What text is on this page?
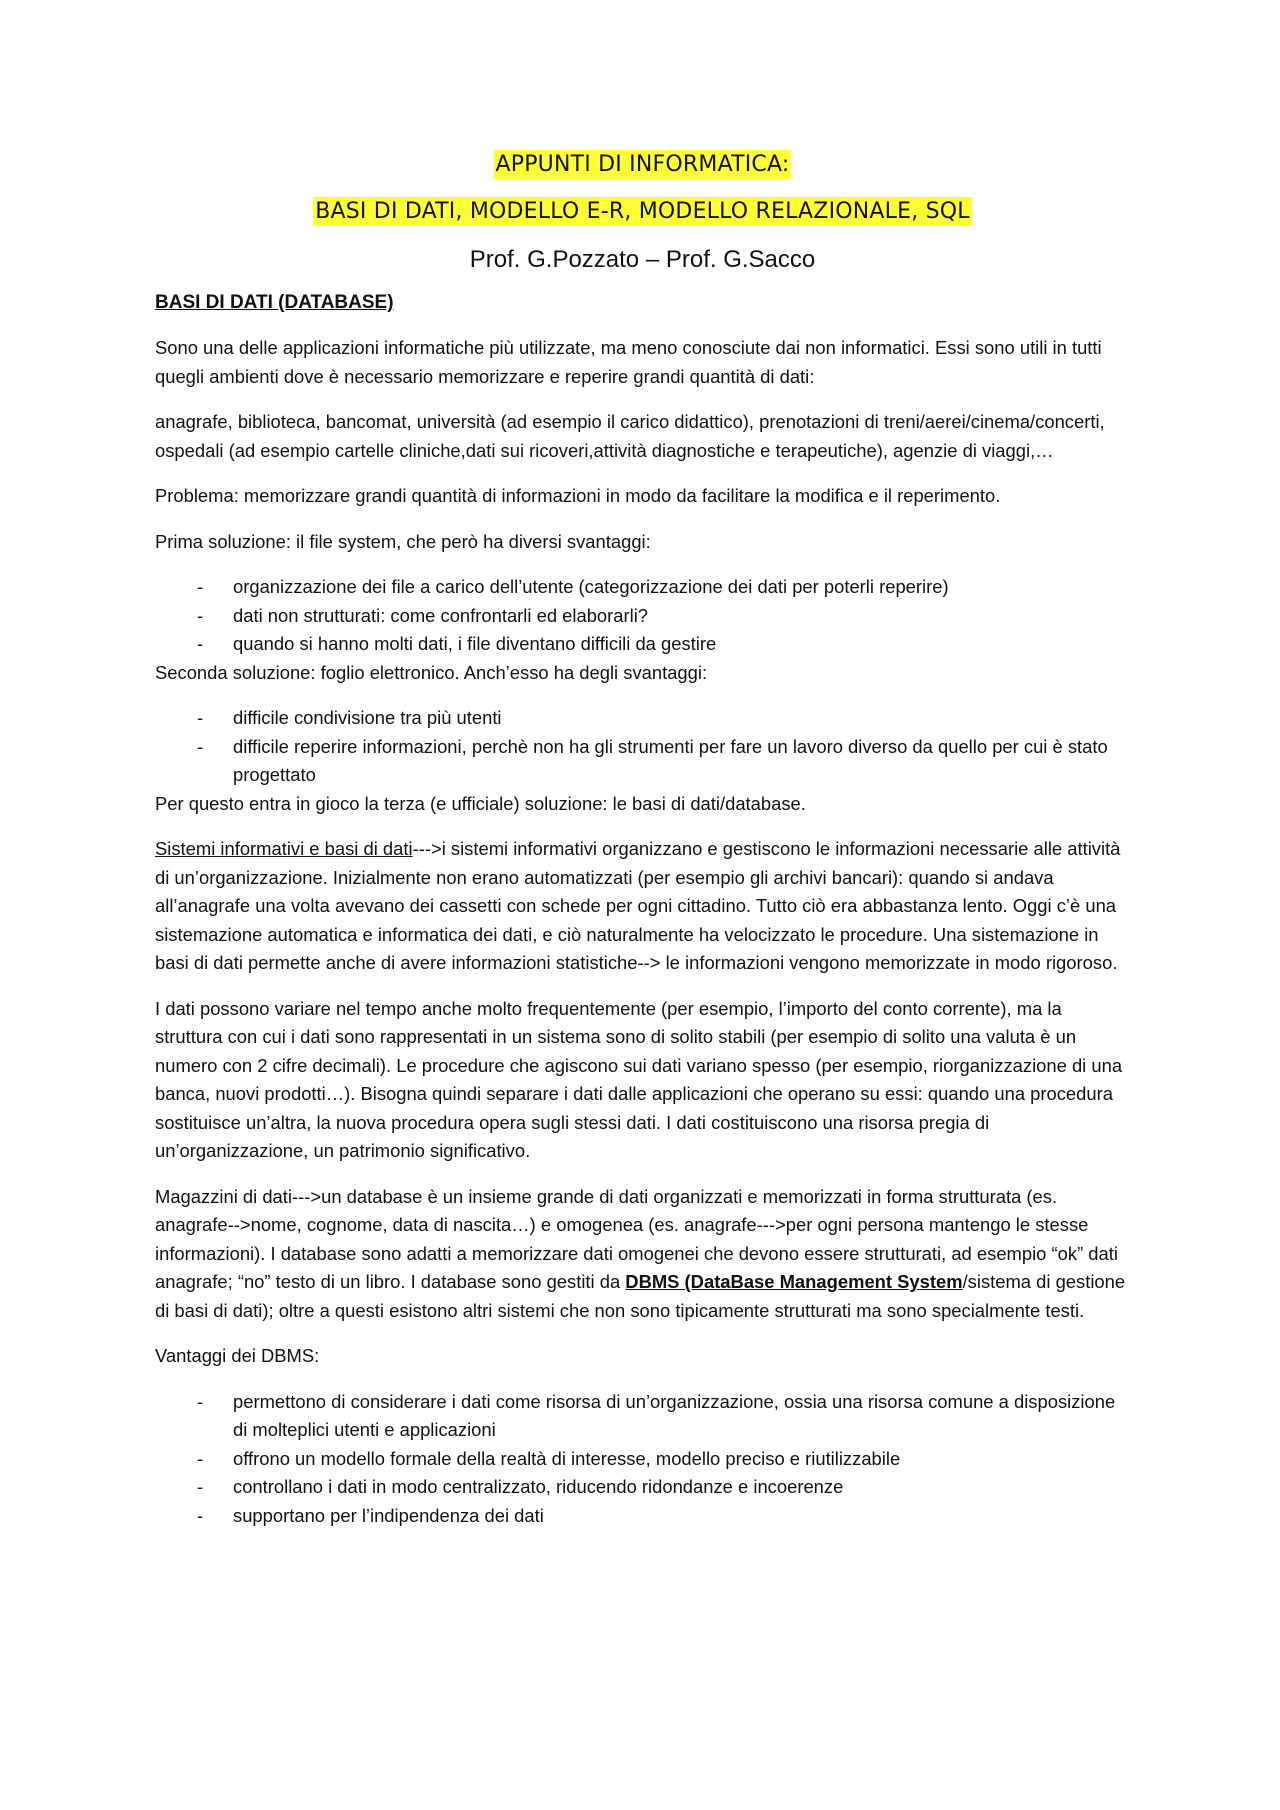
APPUNTI DI INFORMATICA:
BASI DI DATI, MODELLO E-R, MODELLO RELAZIONALE, SQL
Prof. G.Pozzato – Prof. G.Sacco
BASI DI DATI (DATABASE)

Sono una delle applicazioni informatiche più utilizzate, ma meno conosciute dai non informatici. Essi sono utili in tutti quegli ambienti dove è necessario memorizzare e reperire grandi quantità di dati:

anagrafe, biblioteca, bancomat, università (ad esempio il carico didattico), prenotazioni di treni/aerei/cinema/concerti, ospedali (ad esempio cartelle cliniche,dati sui ricoveri,attività diagnostiche e terapeutiche), agenzie di viaggi,…

Problema: memorizzare grandi quantità di informazioni in modo da facilitare la modifica e il reperimento.

Prima soluzione: il file system, che però ha diversi svantaggi:

- organizzazione dei file a carico dell’utente (categorizzazione dei dati per poterli reperire)
- dati non strutturati: come confrontarli ed elaborarli?
- quando si hanno molti dati, i file diventano difficili da gestire

Seconda soluzione: foglio elettronico. Anch’esso ha degli svantaggi:

- difficile condivisione tra più utenti
- difficile reperire informazioni, perchè non ha gli strumenti per fare un lavoro diverso da quello per cui è stato progettato

Per questo entra in gioco la terza (e ufficiale) soluzione: le basi di dati/database.

Sistemi informativi e basi di dati--->i sistemi informativi organizzano e gestiscono le informazioni necessarie alle attività di un’organizzazione. Inizialmente non erano automatizzati (per esempio gli archivi bancari): quando si andava all’anagrafe una volta avevano dei cassetti con schede per ogni cittadino. Tutto ciò era abbastanza lento. Oggi c’è una sistemazione automatica e informatica dei dati, e ciò naturalmente ha velocizzato le procedure. Una sistemazione in basi di dati permette anche di avere informazioni statistiche--> le informazioni vengono memorizzate in modo rigoroso.

I dati possono variare nel tempo anche molto frequentemente (per esempio, l’importo del conto corrente), ma la struttura con cui i dati sono rappresentati in un sistema sono di solito stabili (per esempio di solito una valuta è un numero con 2 cifre decimali). Le procedure che agiscono sui dati variano spesso (per esempio, riorganizzazione di una banca, nuovi prodotti…). Bisogna quindi separare i dati dalle applicazioni che operano su essi: quando una procedura sostituisce un’altra, la nuova procedura opera sugli stessi dati. I dati costituiscono una risorsa pregia di un’organizzazione, un patrimonio significativo.

Magazzini di dati--->un database è un insieme grande di dati organizzati e memorizzati in forma strutturata (es. anagrafe-->nome, cognome, data di nascita…) e omogenea (es. anagrafe--->per ogni persona mantengo le stesse informazioni). I database sono adatti a memorizzare dati omogenei che devono essere strutturati, ad esempio “ok” dati anagrafe; “no” testo di un libro. I database sono gestiti da DBMS (DataBase Management System/sistema di gestione di basi di dati); oltre a questi esistono altri sistemi che non sono tipicamente strutturati ma sono specialmente testi.

Vantaggi dei DBMS:

- permettono di considerare i dati come risorsa di un’organizzazione, ossia una risorsa comune a disposizione di molteplici utenti e applicazioni
- offrono un modello formale della realtà di interesse, modello preciso e riutilizzabile
- controllano i dati in modo centralizzato, riducendo ridondanze e incoerenze
- supportano per l’indipendenza dei dati
